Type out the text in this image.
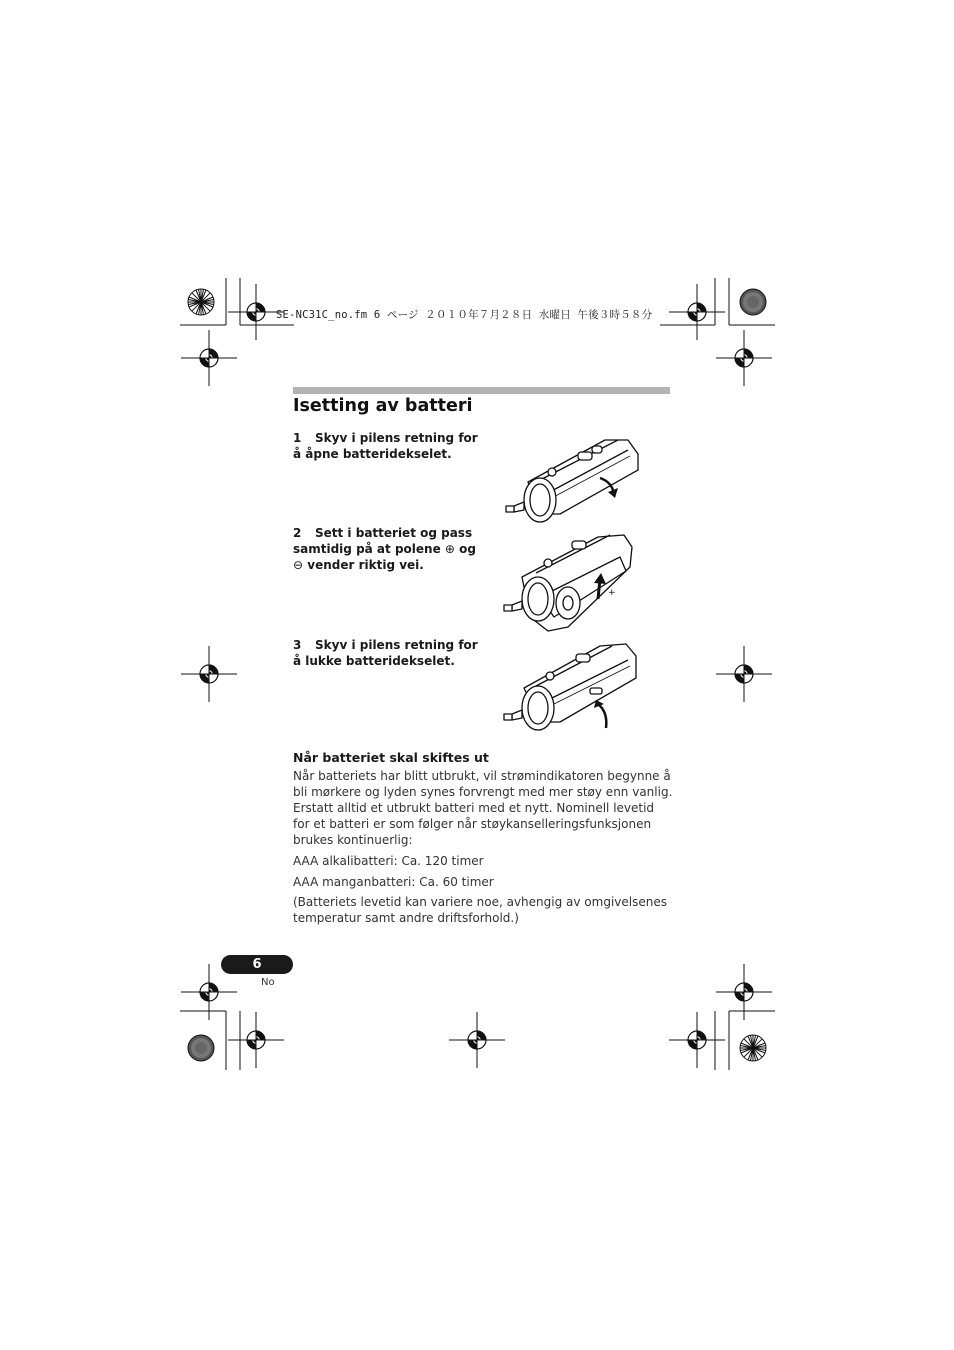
SE-NC31C_no.fm 6 ページ ２０１０年７月２８日 水曜日 午後３時５８分
Isetting av batteri
1 Skyv i pilens retning for å åpne batteridekselet.
2 Sett i batteriet og pass samtidig på at polene ⊕ og ⊖ vender riktig vei.
+
3 Skyv i pilens retning for å lukke batteridekselet.
Når batteriet skal skiftes ut
Når batteriets har blitt utbrukt, vil strømindikatoren begynne å bli mørkere og lyden synes forvrengt med mer støy enn vanlig. Erstatt alltid et utbrukt batteri med et nytt. Nominell levetid for et batteri er som følger når støykanselleringsfunksjonen brukes kontinuerlig:
AAA alkalibatteri: Ca. 120 timer
AAA manganbatteri: Ca. 60 timer
(Batteriets levetid kan variere noe, avhengig av omgivelsenes temperatur samt andre driftsforhold.)
6
No
